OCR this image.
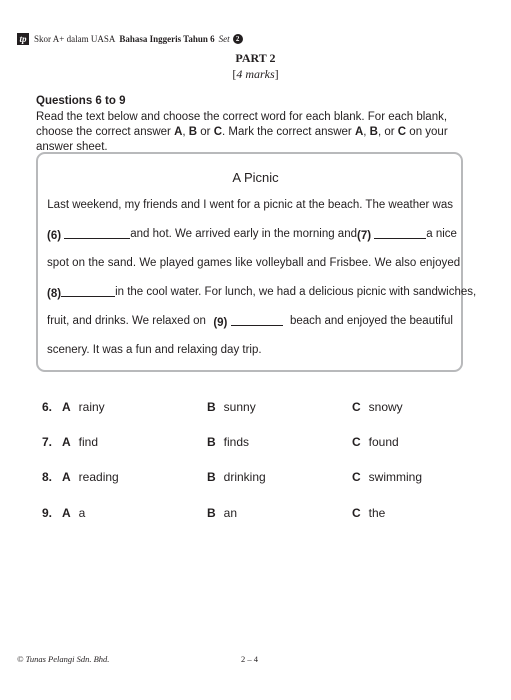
tp Skor A+ dalam UASA Bahasa Inggeris Tahun 6 Set 2
PART 2
[4 marks]
Questions 6 to 9
Read the text below and choose the correct word for each blank. For each blank, choose the correct answer A, B or C. Mark the correct answer A, B, or C on your answer sheet.
A Picnic
Last weekend, my friends and I went for a picnic at the beach. The weather was
(6)	and hot. We arrived early in the morning and (7)	a nice
spot on the sand. We played games like volleyball and Frisbee. We also enjoyed
(8)	in the cool water. For lunch, we had a delicious picnic with sandwiches,
fruit, and drinks. We relaxed on (9)	beach and enjoyed the beautiful
scenery. It was a fun and relaxing day trip.
6. A rainy	B sunny	C snowy
7. A find	B finds	C found
8. A reading	B drinking	C swimming
9. A a	B an	C the
© Tunas Pelangi Sdn. Bhd.	2 – 4
